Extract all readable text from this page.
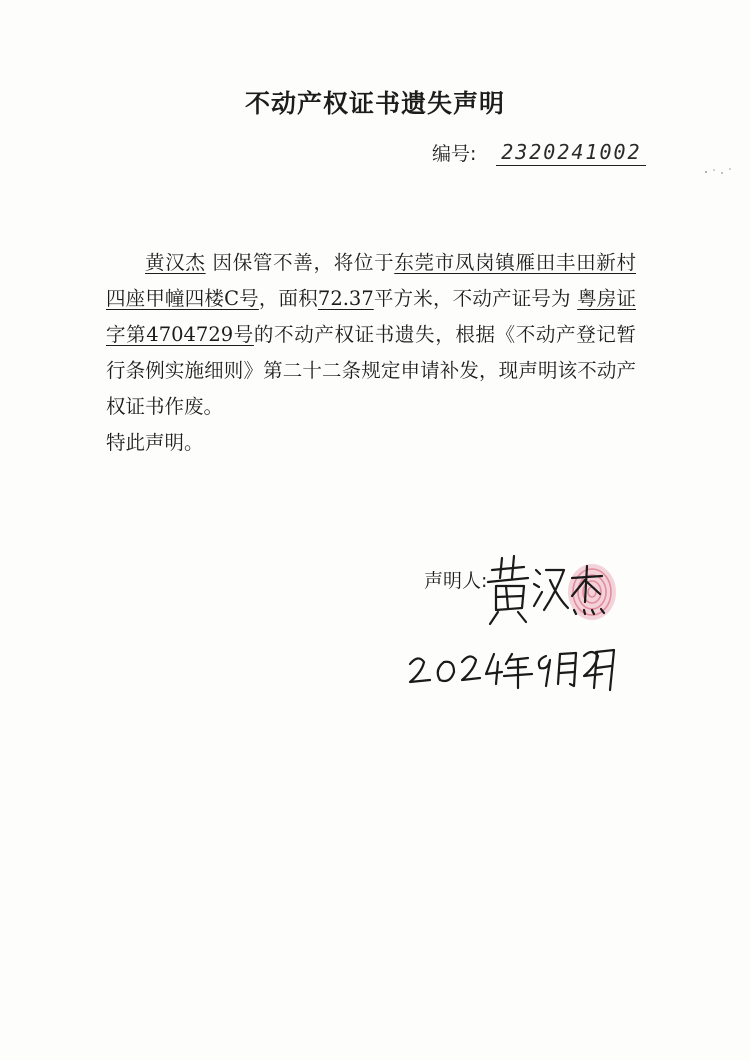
不动产权证书遗失声明
编号: 2320241002

黄汉杰 因保管不善，将位于东莞市凤岗镇雁田丰田新村四座甲幢四楼C号，面积72.37平方米，不动产证号为 粤房证字第4704729号的不动产权证书遗失，根据《不动产登记暂行条例实施细则》第二十二条规定申请补发，现声明该不动产权证书作废。

特此声明。

声明人:
